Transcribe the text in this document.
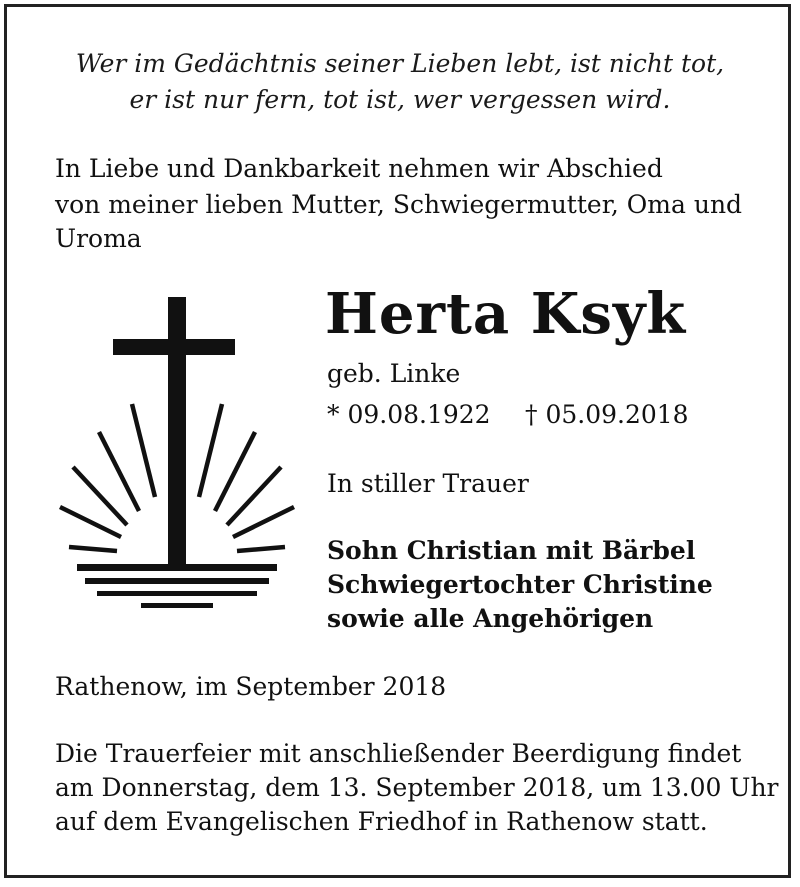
Wer im Gedächtnis seiner Lieben lebt, ist nicht tot,
er ist nur fern, tot ist, wer vergessen wird.
In Liebe und Dankbarkeit nehmen wir Abschied
von meiner lieben Mutter, Schwiegermutter, Oma und
Uroma
Herta Ksyk
geb. Linke
* 09.08.1922 † 05.09.2018
In stiller Trauer
Sohn Christian mit Bärbel
Schwiegertochter Christine
sowie alle Angehörigen
Rathenow, im September 2018
Die Trauerfeier mit anschließender Beerdigung findet
am Donnerstag, dem 13. September 2018, um 13.00 Uhr
auf dem Evangelischen Friedhof in Rathenow statt.
